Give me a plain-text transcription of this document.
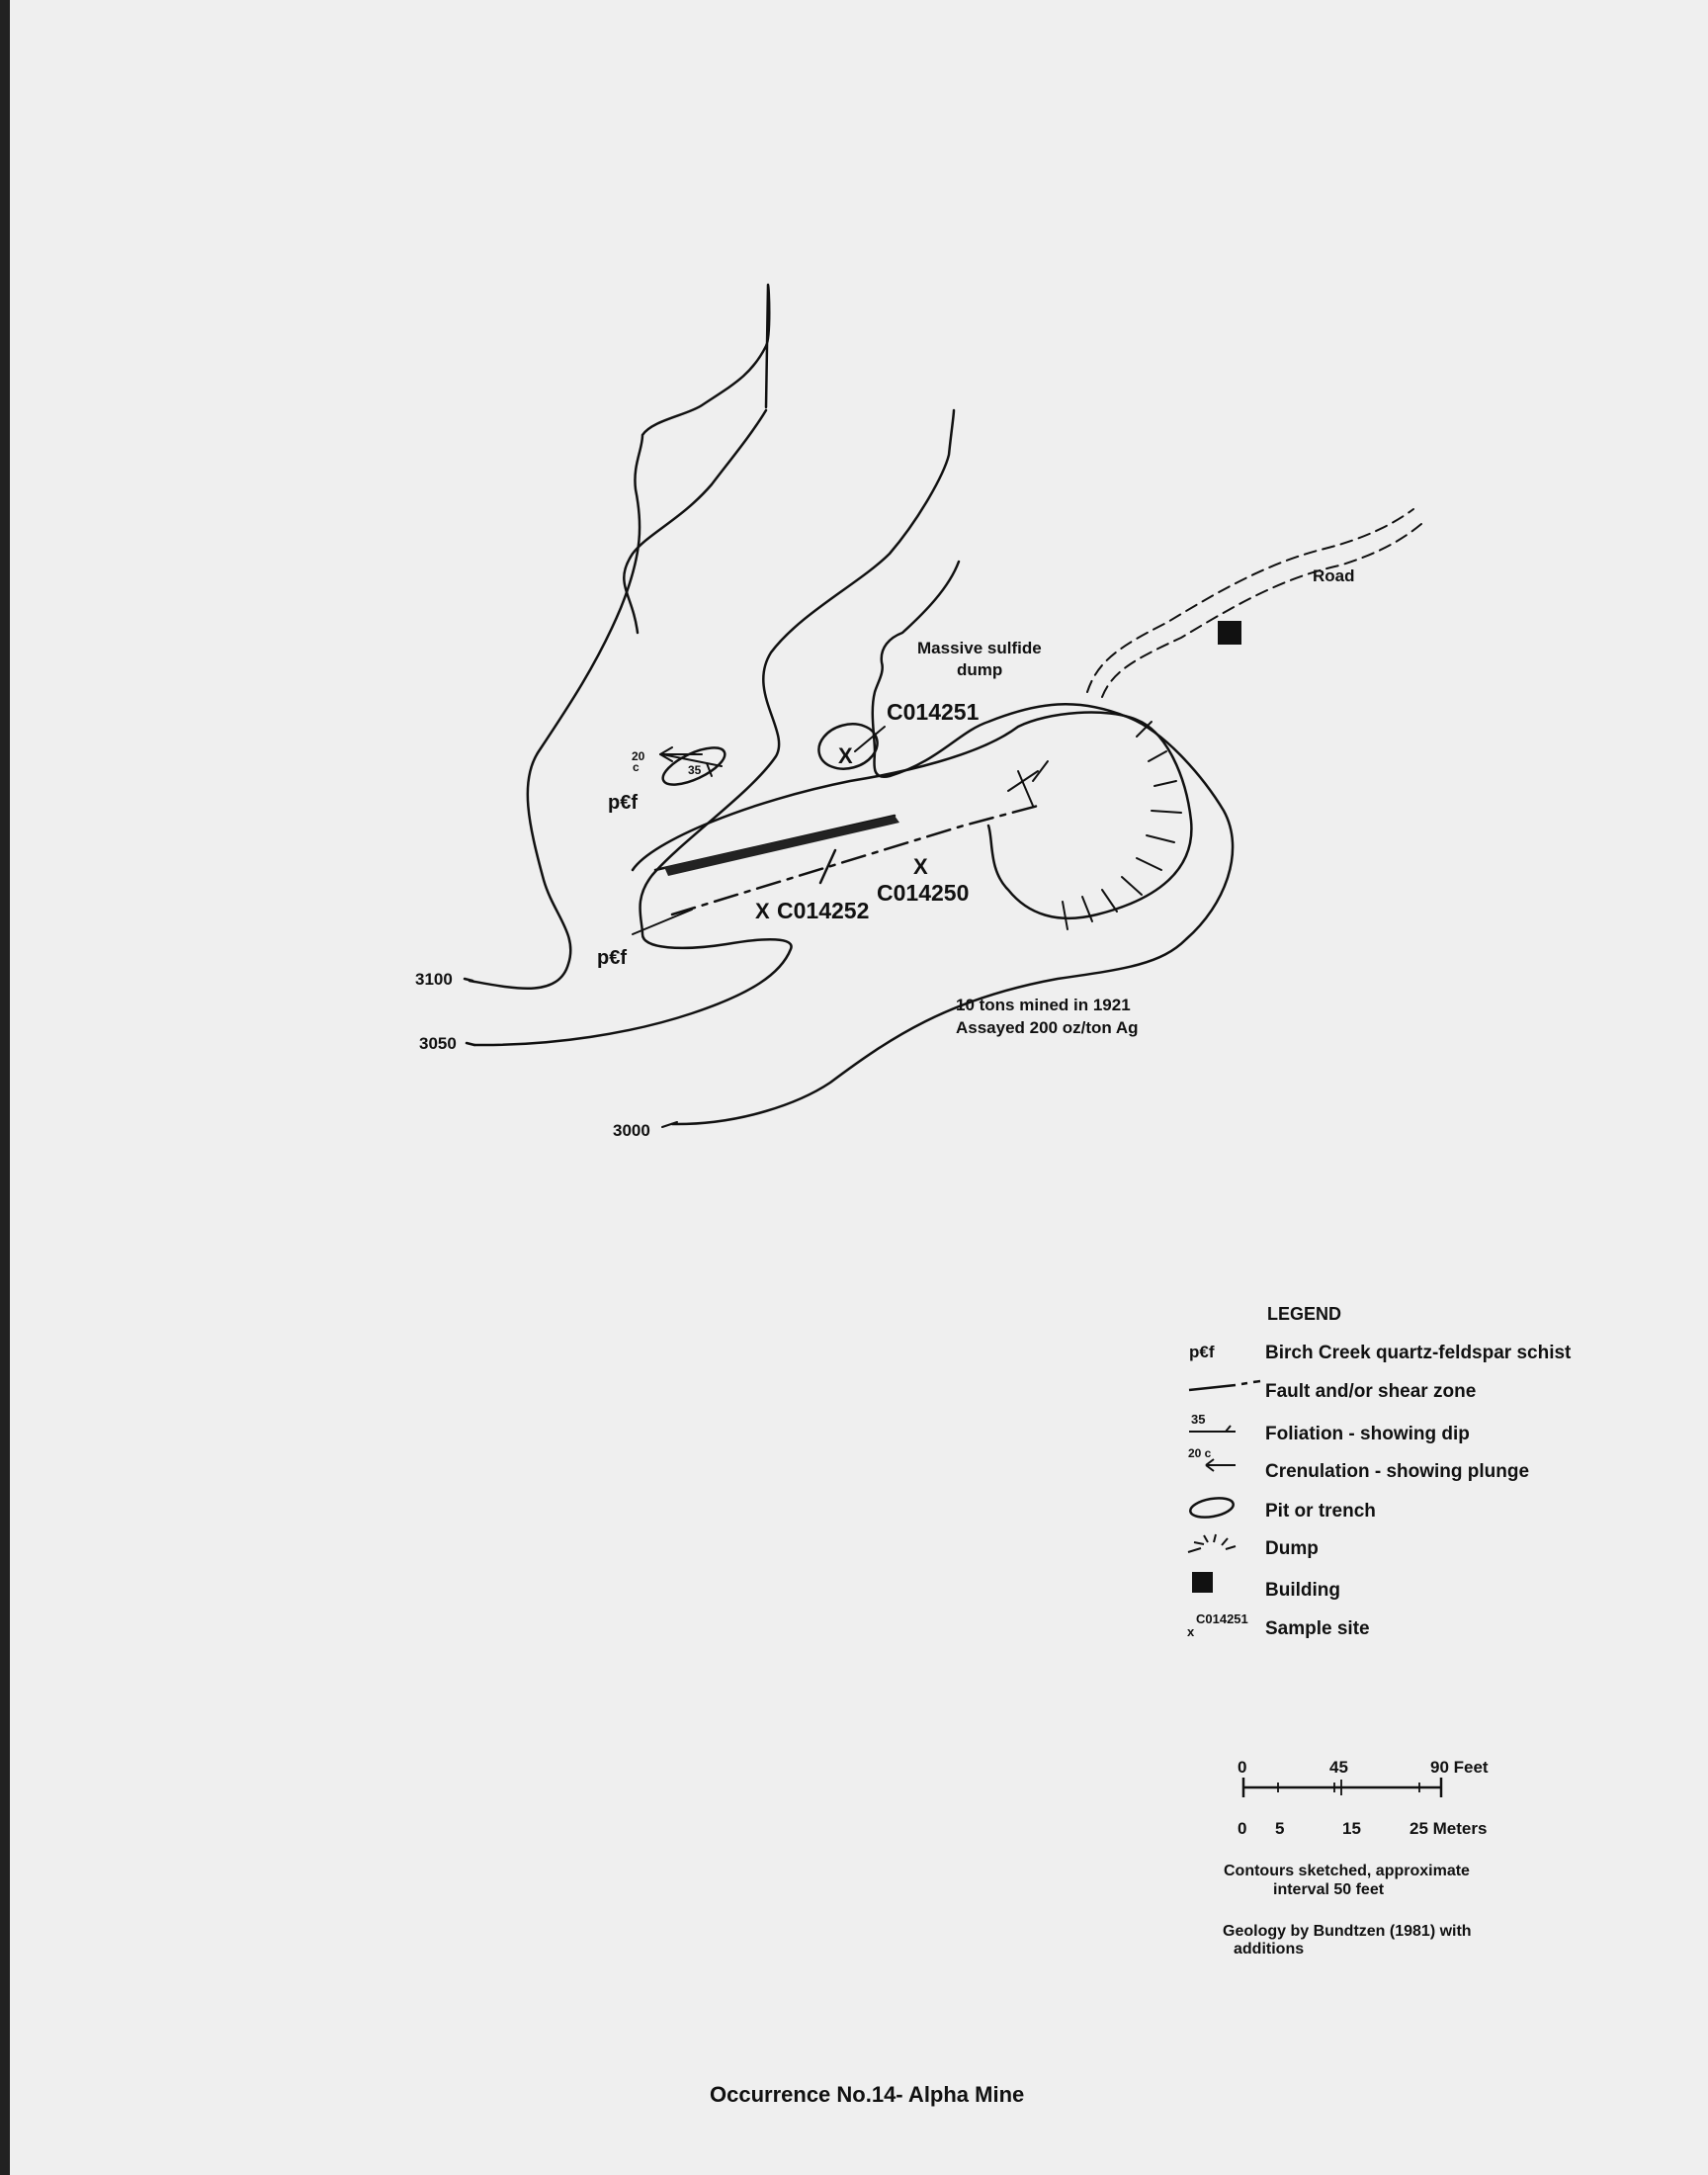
Road
Massive sulfide
dump
C014251
X
C014250
X
C014252
X
p€f
p€f
20
c	35
10 tons mined in 1921
Assayed 200 oz/ton Ag
3100
3050
3000
LEGEND
p€f	Birch Creek quartz-feldspar schist
Fault and/or shear zone
35
Foliation - showing dip
20 c
Crenulation - showing plunge
Pit or trench
Dump
Building
x
C014251 Sample site
0	45	90 Feet
0 5	15	25 Meters
Contours sketched, approximate
interval 50 feet
Geology by Bundtzen (1981) with
additions
Occurrence No.14- Alpha Mine
